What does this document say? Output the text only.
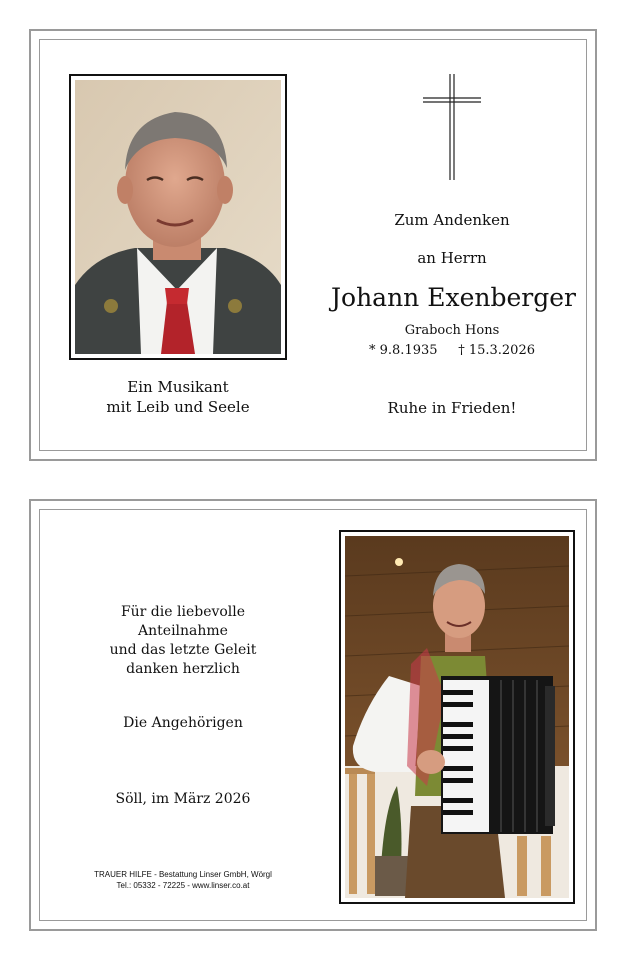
Ein Musikant
mit Leib und Seele
Zum Andenken
an Herrn
Johann Exenberger
Graboch Hons
* 9.8.1935 † 15.3.2026
Ruhe in Frieden!
Für die liebevolle
Anteilnahme
und das letzte Geleit
danken herzlich
Die Angehörigen
Söll, im März 2026
TRAUER HILFE - Bestattung Linser GmbH, Wörgl
Tel.: 05332 - 72225 - www.linser.co.at
